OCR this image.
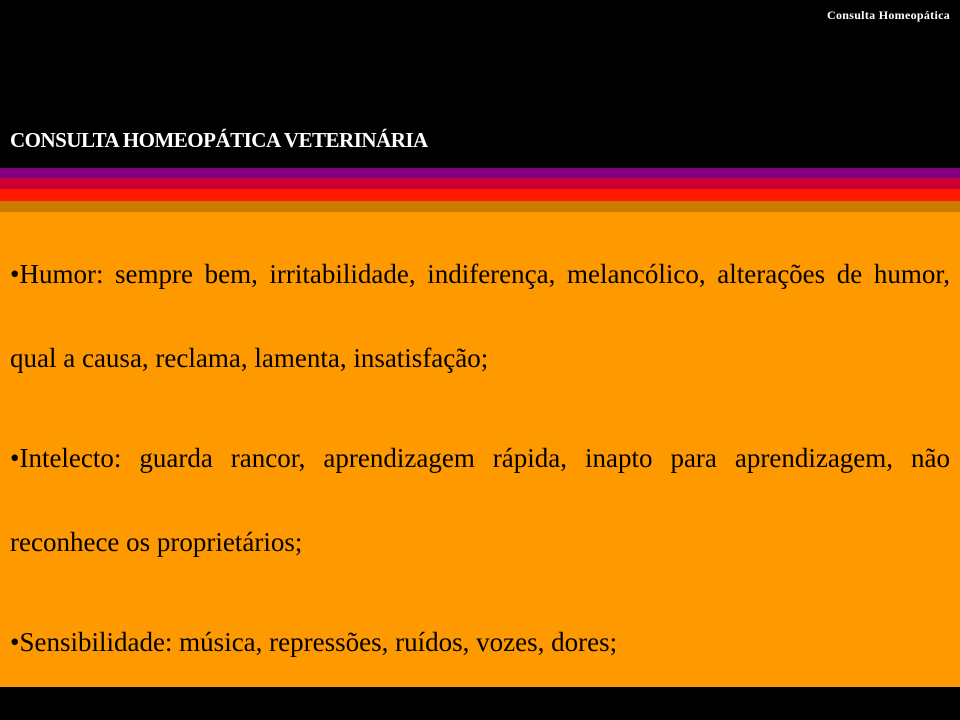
Consulta Homeopática
CONSULTA HOMEOPÁTICA VETERINÁRIA

•Humor: sempre bem, irritabilidade, indiferença, melancólico, alterações de humor, qual a causa, reclama, lamenta, insatisfação;

•Intelecto: guarda rancor, aprendizagem rápida, inapto para aprendizagem, não reconhece os proprietários;

•Sensibilidade: música, repressões, ruídos, vozes, dores;
